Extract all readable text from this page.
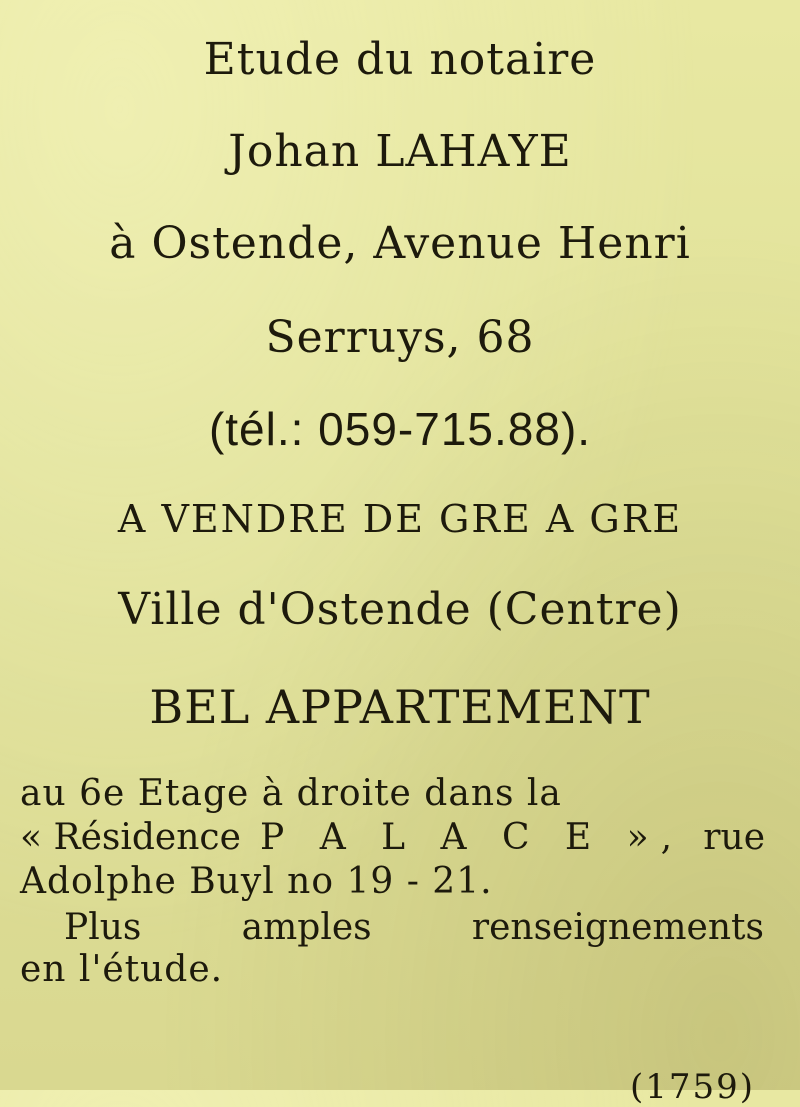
Etude du notaire

Johan LAHAYE

à Ostende, Avenue Henri

Serruys, 68

(tél.: 059-715.88).

A VENDRE DE GRE A GRE

Ville d'Ostende (Centre)

BEL APPARTEMENT

au 6e Etage à droite dans la

« Résidence P A L A C E », rue

Adolphe Buyl no 19 - 21.

Plus	amples	renseignements

en l'étude.

(1759)
